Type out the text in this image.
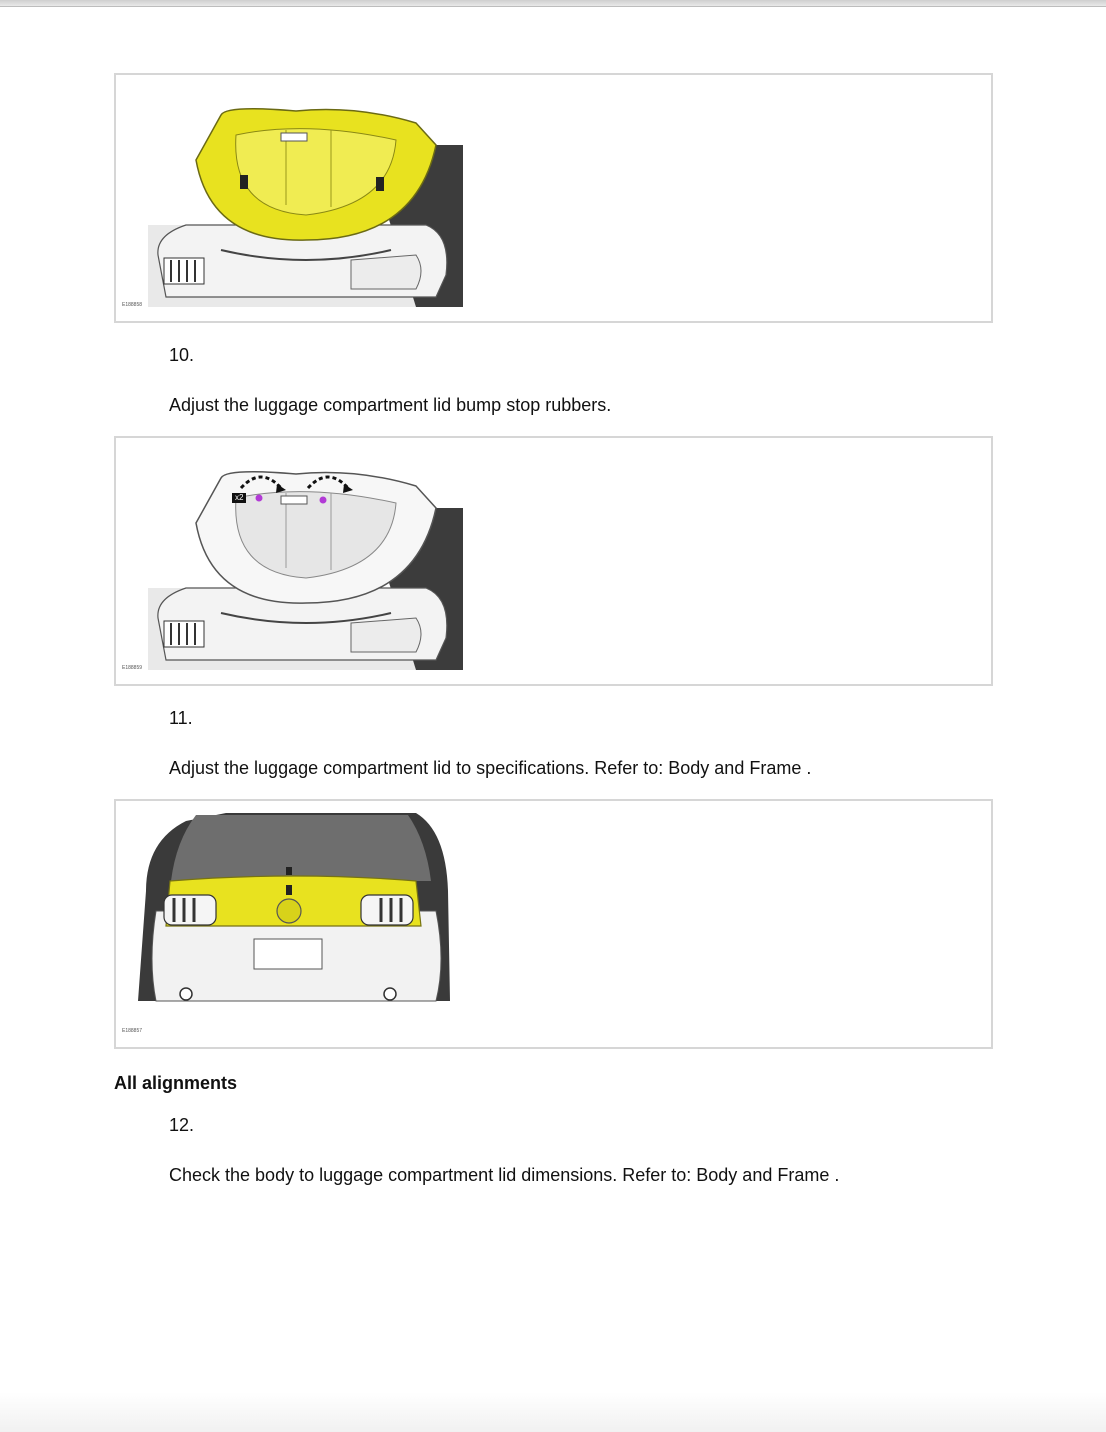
E188858
10.
Adjust the luggage compartment lid bump stop rubbers.
x2
E188859
11.
Adjust the luggage compartment lid to specifications. Refer to: Body and Frame .
E188857
All alignments
12.
Check the body to luggage compartment lid dimensions. Refer to: Body and Frame .
